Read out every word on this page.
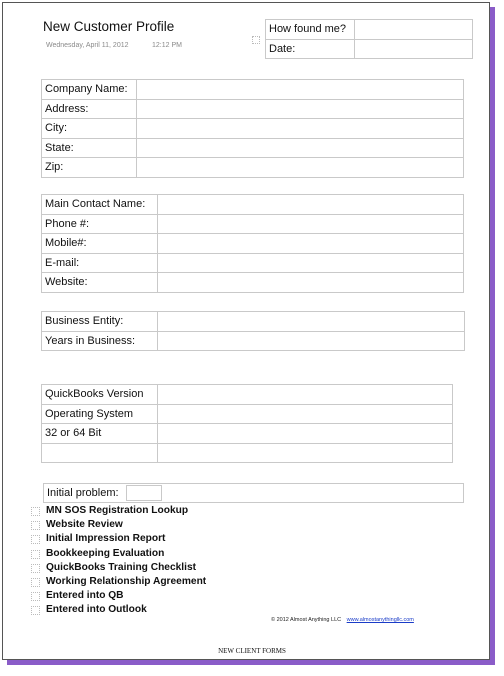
New Customer Profile
Wednesday, April 11, 2012	12:12 PM
How found me?	
Date:	
Company Name:	
Address:	
City:	
State:	
Zip:	
Main Contact Name:	
Phone #:	
Mobile#:	
E-mail:	
Website:	
Business Entity:	
Years in Business:	
QuickBooks Version	
Operating System	
32 or 64 Bit	

Initial problem:
MN SOS Registration Lookup
Website Review
Initial Impression Report
Bookkeeping Evaluation
QuickBooks Training Checklist
Working Relationship Agreement
Entered into QB
Entered into Outlook
© 2012 Almost Anything LLC www.almostanythingllc.com
NEW CLIENT FORMS
